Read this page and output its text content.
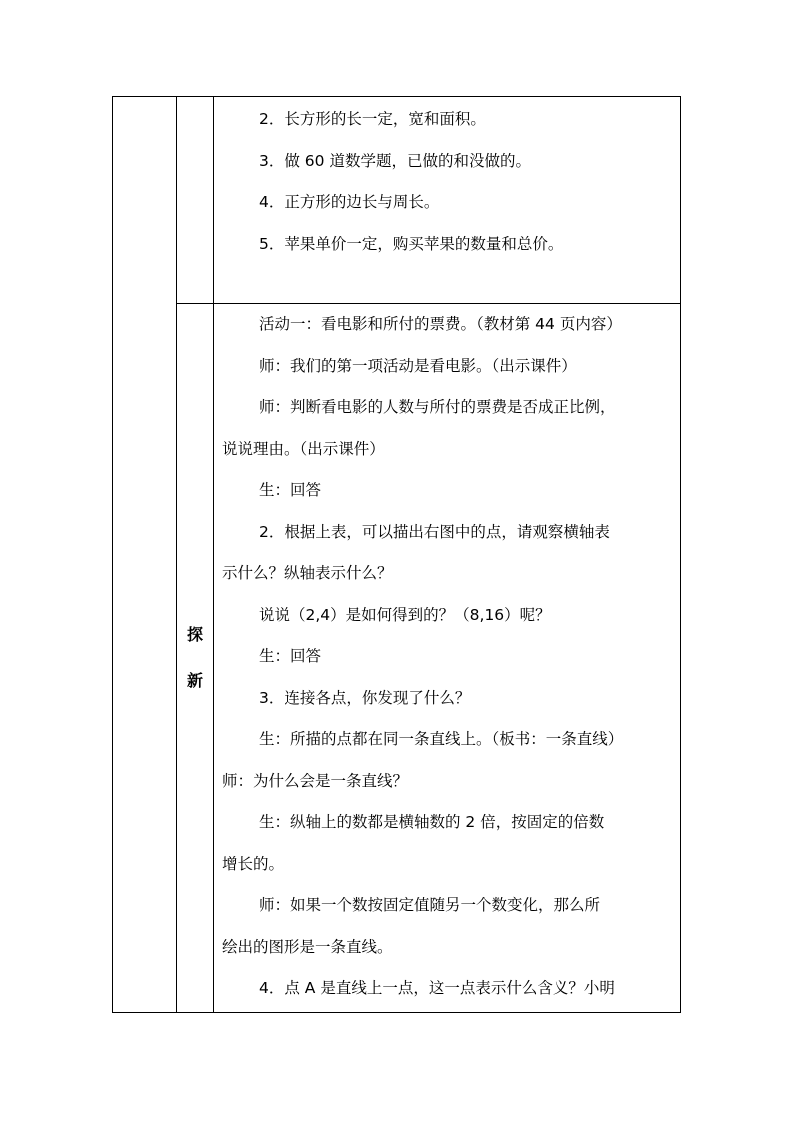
2．长方形的长一定，宽和面积。

3．做 60 道数学题，已做的和没做的。

4．正方形的边长与周长。

5．苹果单价一定，购买苹果的数量和总价。

探
新

活动一：看电影和所付的票费。（教材第 44 页内容）

师：我们的第一项活动是看电影。（出示课件）

师：判断看电影的人数与所付的票费是否成正比例，

说说理由。（出示课件）

生：回答

2．根据上表，可以描出右图中的点，请观察横轴表

示什么？纵轴表示什么？

说说（2,4）是如何得到的？（8,16）呢？

生：回答

3．连接各点，你发现了什么？

生：所描的点都在同一条直线上。（板书：一条直线）

师：为什么会是一条直线？

生：纵轴上的数都是横轴数的 2 倍，按固定的倍数

增长的。

师：如果一个数按固定值随另一个数变化，那么所

绘出的图形是一条直线。

4．点 A 是直线上一点，这一点表示什么含义？小明
